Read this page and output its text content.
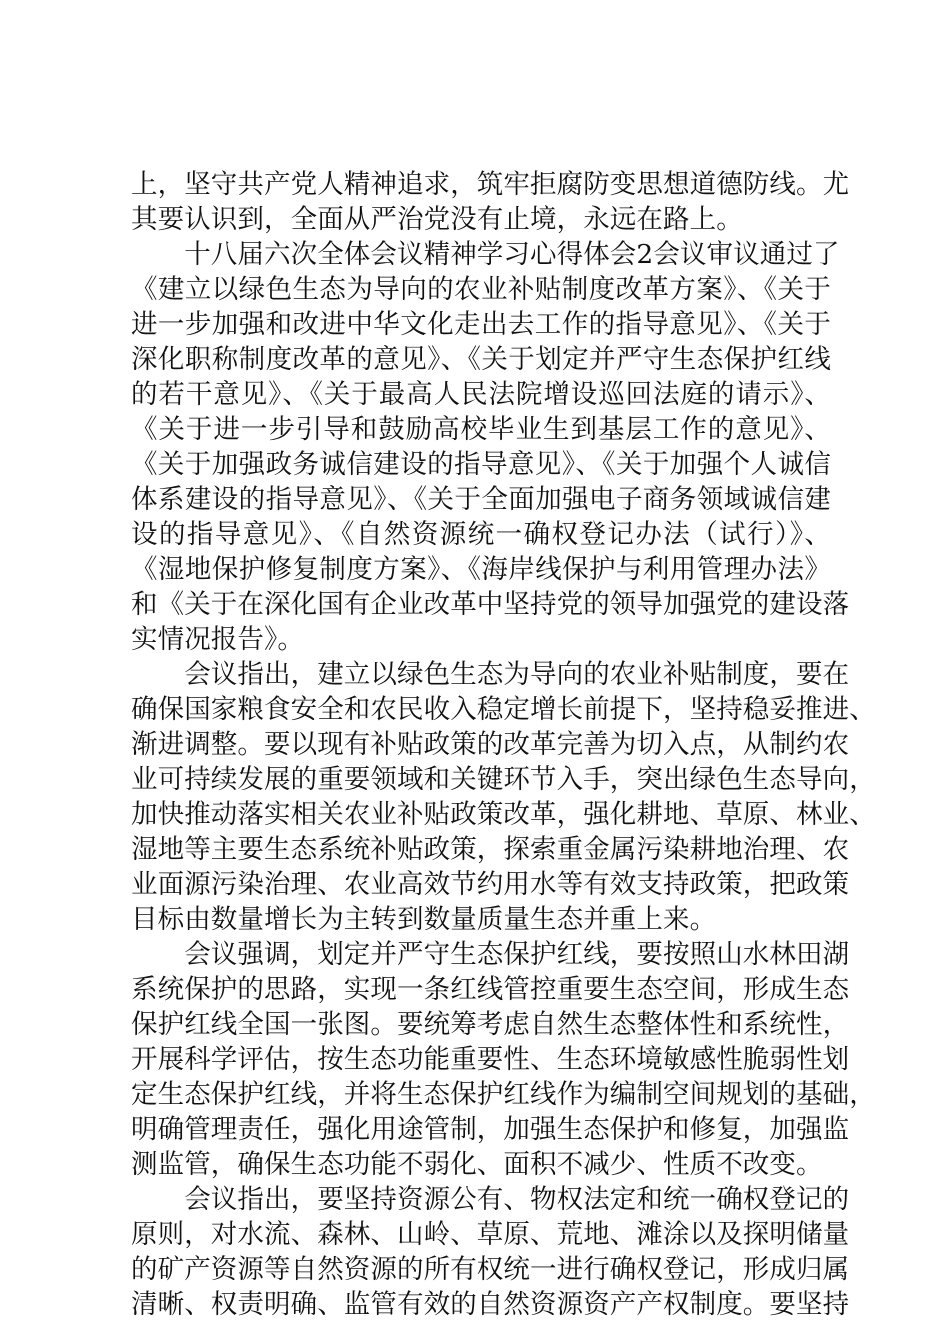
上，坚守共产党人精神追求，筑牢拒腐防变思想道德防线。尤
其要认识到，全面从严治党没有止境，永远在路上。
　　十八届六次全体会议精神学习心得体会2会议审议通过了
《建立以绿色生态为导向的农业补贴制度改革方案》、《关于
进一步加强和改进中华文化走出去工作的指导意见》、《关于
深化职称制度改革的意见》、《关于划定并严守生态保护红线
的若干意见》、《关于最高人民法院增设巡回法庭的请示》、
《关于进一步引导和鼓励高校毕业生到基层工作的意见》、
《关于加强政务诚信建设的指导意见》、《关于加强个人诚信
体系建设的指导意见》、《关于全面加强电子商务领域诚信建
设的指导意见》、《自然资源统一确权登记办法（试行）》、
《湿地保护修复制度方案》、《海岸线保护与利用管理办法》
和《关于在深化国有企业改革中坚持党的领导加强党的建设落
实情况报告》。
　　会议指出，建立以绿色生态为导向的农业补贴制度，要在
确保国家粮食安全和农民收入稳定增长前提下，坚持稳妥推进、
渐进调整。要以现有补贴政策的改革完善为切入点，从制约农
业可持续发展的重要领域和关键环节入手，突出绿色生态导向，
加快推动落实相关农业补贴政策改革，强化耕地、草原、林业、
湿地等主要生态系统补贴政策，探索重金属污染耕地治理、农
业面源污染治理、农业高效节约用水等有效支持政策，把政策
目标由数量增长为主转到数量质量生态并重上来。
　　会议强调，划定并严守生态保护红线，要按照山水林田湖
系统保护的思路，实现一条红线管控重要生态空间，形成生态
保护红线全国一张图。要统筹考虑自然生态整体性和系统性，
开展科学评估，按生态功能重要性、生态环境敏感性脆弱性划
定生态保护红线，并将生态保护红线作为编制空间规划的基础，
明确管理责任，强化用途管制，加强生态保护和修复，加强监
测监管，确保生态功能不弱化、面积不减少、性质不改变。
　　会议指出，要坚持资源公有、物权法定和统一确权登记的
原则，对水流、森林、山岭、草原、荒地、滩涂以及探明储量
的矿产资源等自然资源的所有权统一进行确权登记，形成归属
清晰、权责明确、监管有效的自然资源资产产权制度。要坚持
